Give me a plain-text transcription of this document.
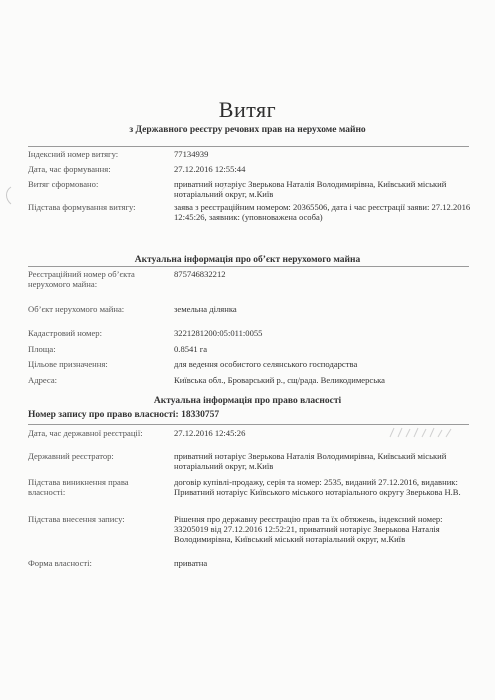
Витяг
з Державного реєстру речових прав на нерухоме майно
Індексний номер витягу:	77134939
Дата, час формування:	27.12.2016 12:55:44
Витяг сформовано:	приватний нотаріус Зверькова Наталія Володимирівна, Київський міський нотаріальний округ, м.Київ
Підстава формування витягу:	заява з реєстраційним номером: 20365506, дата і час реєстрації заяви: 27.12.2016 12:45:26, заявник: (уповноважена особа)
Актуальна інформація про об’єкт нерухомого майна
Реєстраційний номер об’єкта нерухомого майна:
875746832212
Об’єкт нерухомого майна:	земельна ділянка
Кадастровий номер:	3221281200:05:011:0055
Площа:	0.8541 га
Цільове призначення:	для ведення особистого селянського господарства
Адреса:	Київська обл., Броварський р., сщ/рада. Великодимерська
Актуальна інформація про право власності
Номер запису про право власності: 18330757
Дата, час державної реєстрації:	27.12.2016 12:45:26
Державний реєстратор:	приватний нотаріус Зверькова Наталія Володимирівна, Київський міський нотаріальний округ, м.Київ
Підстава виникнення права власності:
договір купівлі-продажу, серія та номер: 2535, виданий 27.12.2016, видавник: Приватний нотаріус Київського міського нотаріального округу Зверькова Н.В.
Підстава внесення запису:	Рішення про державну реєстрацію прав та їх обтяжень, індексний номер: 33205019 від 27.12.2016 12:52:21, приватний нотаріус Зверькова Наталія Володимирівна, Київський міський нотаріальний округ, м.Київ
Форма власності:	приватна
